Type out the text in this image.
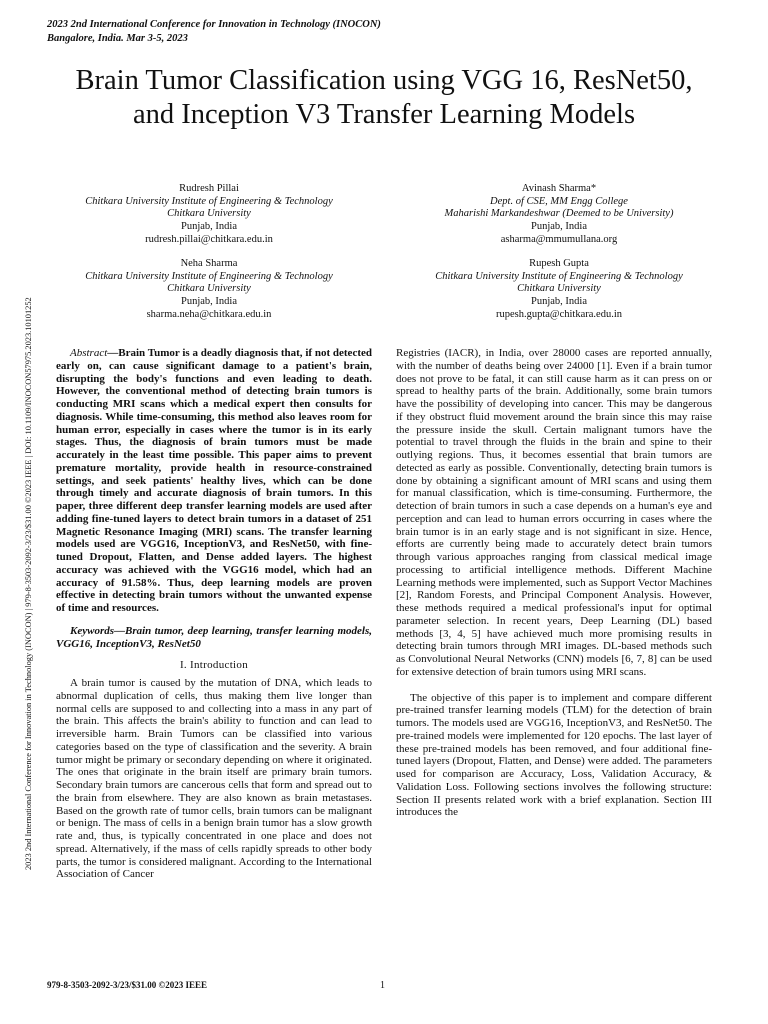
2023 2nd International Conference for Innovation in Technology (INOCON)
Bangalore, India. Mar 3-5, 2023
Brain Tumor Classification using VGG 16, ResNet50, and Inception V3 Transfer Learning Models
Rudresh Pillai
Chitkara University Institute of Engineering & Technology
Chitkara University
Punjab, India
rudresh.pillai@chitkara.edu.in
Avinash Sharma*
Dept. of CSE, MM Engg College
Maharishi Markandeshwar (Deemed to be University)
Punjab, India
asharma@mmumullana.org
Neha Sharma
Chitkara University Institute of Engineering & Technology
Chitkara University
Punjab, India
sharma.neha@chitkara.edu.in
Rupesh Gupta
Chitkara University Institute of Engineering & Technology
Chitkara University
Punjab, India
rupesh.gupta@chitkara.edu.in
2023 2nd International Conference for Innovation in Technology (INOCON) | 979-8-3503-2092-3/23/$31.00 ©2023 IEEE | DOI: 10.1109/INOCON57975.2023.10101252	Abstract—Brain Tumor is a deadly diagnosis that, if not detected early on, can cause significant damage to a patient's brain, disrupting the body's functions and even leading to death. However, the conventional method of detecting brain tumors is conducting MRI scans which a medical expert then consults for diagnosis. While time-consuming, this method also leaves room for human error, especially in cases where the tumor is in its early stages. Thus, the diagnosis of brain tumors must be made accurately in the least time possible. This paper aims to prevent premature mortality, provide health in resource-constrained settings, and seek patients' healthy lives, which can be done through timely and accurate diagnosis of brain tumors. In this paper, three different deep transfer learning models are used after adding fine-tuned layers to detect brain tumors in a dataset of 251 Magnetic Resonance Imaging (MRI) scans. The transfer learning models used are VGG16, InceptionV3, and ResNet50, with fine-tuned Dropout, Flatten, and Dense added layers. The highest accuracy was achieved with the VGG16 model, which had an accuracy of 91.58%. Thus, deep learning models are proven effective in detecting brain tumors without the unwanted expense of time and resources.

Keywords—Brain tumor, deep learning, transfer learning models, VGG16, InceptionV3, ResNet50

I. Introduction

A brain tumor is caused by the mutation of DNA, which leads to abnormal duplication of cells, thus making them live longer than normal cells are supposed to and collecting into a mass in any part of the brain. This affects the brain's ability to function and can lead to irreversible harm. Brain Tumors can be classified into various categories based on the type of classification and the severity. A brain tumor might be primary or secondary depending on where it originated. The ones that originate in the brain itself are primary brain tumors. Secondary brain tumors are cancerous cells that form and spread out to the brain from elsewhere. They are also known as brain metastases. Based on the growth rate of tumor cells, brain tumors can be malignant or benign. The mass of cells in a benign brain tumor has a slow growth rate and, thus, is typically concentrated in one place and does not spread. Alternatively, if the mass of cells rapidly spreads to other body parts, the tumor is considered malignant. According to the International Association of Cancer

Registries (IACR), in India, over 28000 cases are reported annually, with the number of deaths being over 24000 [1]. Even if a brain tumor does not prove to be fatal, it can still cause harm as it can press on or spread to healthy parts of the brain. Additionally, some brain tumors have the possibility of developing into cancer. This may be dangerous if they obstruct fluid movement around the brain since this may raise the pressure inside the skull. Certain malignant tumors have the potential to travel through the fluids in the brain and spine to their outlying regions. Thus, it becomes essential that brain tumors are detected as early as possible. Conventionally, detecting brain tumors is done by obtaining a significant amount of MRI scans and using them for manual classification, which is time-consuming. Furthermore, the detection of brain tumors in such a case depends on a human's eye and perception and can lead to human errors occurring in cases where the brain tumor is in an early stage and is not significant in size. Hence, efforts are currently being made to accurately detect brain tumors through various approaches ranging from classical medical image processing to artificial intelligence methods. Different Machine Learning methods were implemented, such as Support Vector Machines [2], Random Forests, and Principal Component Analysis. However, these methods required a medical professional's input for optimal parameter selection. In recent years, Deep Learning (DL) based methods [3, 4, 5] have achieved much more promising results in detecting brain tumors through MRI images. DL-based methods such as Convolutional Neural Networks (CNN) models [6, 7, 8] can be used for extensive detection of brain tumors using MRI scans.

The objective of this paper is to implement and compare different pre-trained transfer learning models (TLM) for the detection of brain tumors. The models used are VGG16, InceptionV3, and ResNet50. The pre-trained models were implemented for 120 epochs. The last layer of these pre-trained models has been removed, and four additional fine-tuned layers (Dropout, Flatten, and Dense) were added. The parameters used for comparison are Accuracy, Loss, Validation Accuracy, & Validation Loss. Following sections involves the following structure: Section II presents related work with a brief explanation. Section III introduces the

979-8-3503-2092-3/23/$31.00 ©2023 IEEE	1
